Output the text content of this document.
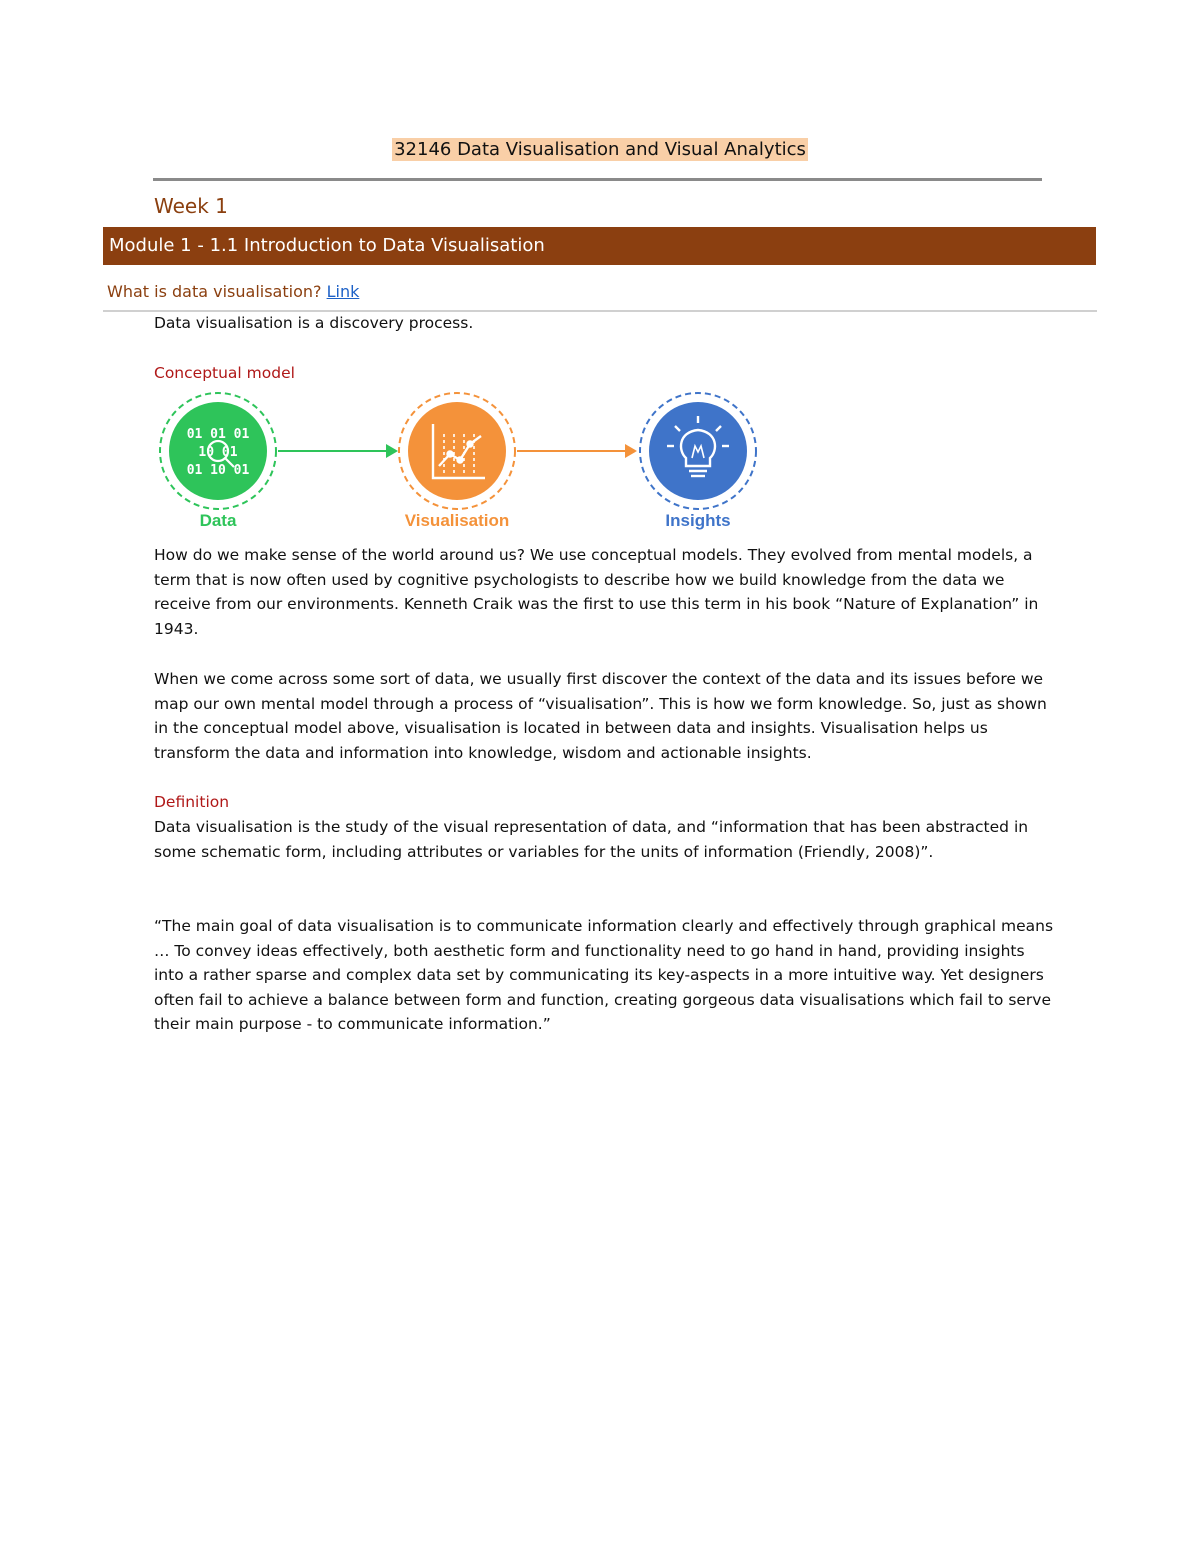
32146 Data Visualisation and Visual Analytics
Week 1
Module 1 - 1.1 Introduction to Data Visualisation
What is data visualisation? Link

Data visualisation is a discovery process.

Conceptual model
01 01 01
10 01
01 10 01
Data	Visualisation	Insights

How do we make sense of the world around us? We use conceptual models. They evolved from mental models, a term that is now often used by cognitive psychologists to describe how we build knowledge from the data we receive from our environments. Kenneth Craik was the first to use this term in his book “Nature of Explanation” in 1943.

When we come across some sort of data, we usually first discover the context of the data and its issues before we map our own mental model through a process of “visualisation”. This is how we form knowledge. So, just as shown in the conceptual model above, visualisation is located in between data and insights. Visualisation helps us transform the data and information into knowledge, wisdom and actionable insights.

Definition

Data visualisation is the study of the visual representation of data, and “information that has been abstracted in some schematic form, including attributes or variables for the units of information (Friendly, 2008)”.

“The main goal of data visualisation is to communicate information clearly and effectively through graphical means … To convey ideas effectively, both aesthetic form and functionality need to go hand in hand, providing insights into a rather sparse and complex data set by communicating its key-aspects in a more intuitive way. Yet designers often fail to achieve a balance between form and function, creating gorgeous data visualisations which fail to serve their main purpose - to communicate information.”
